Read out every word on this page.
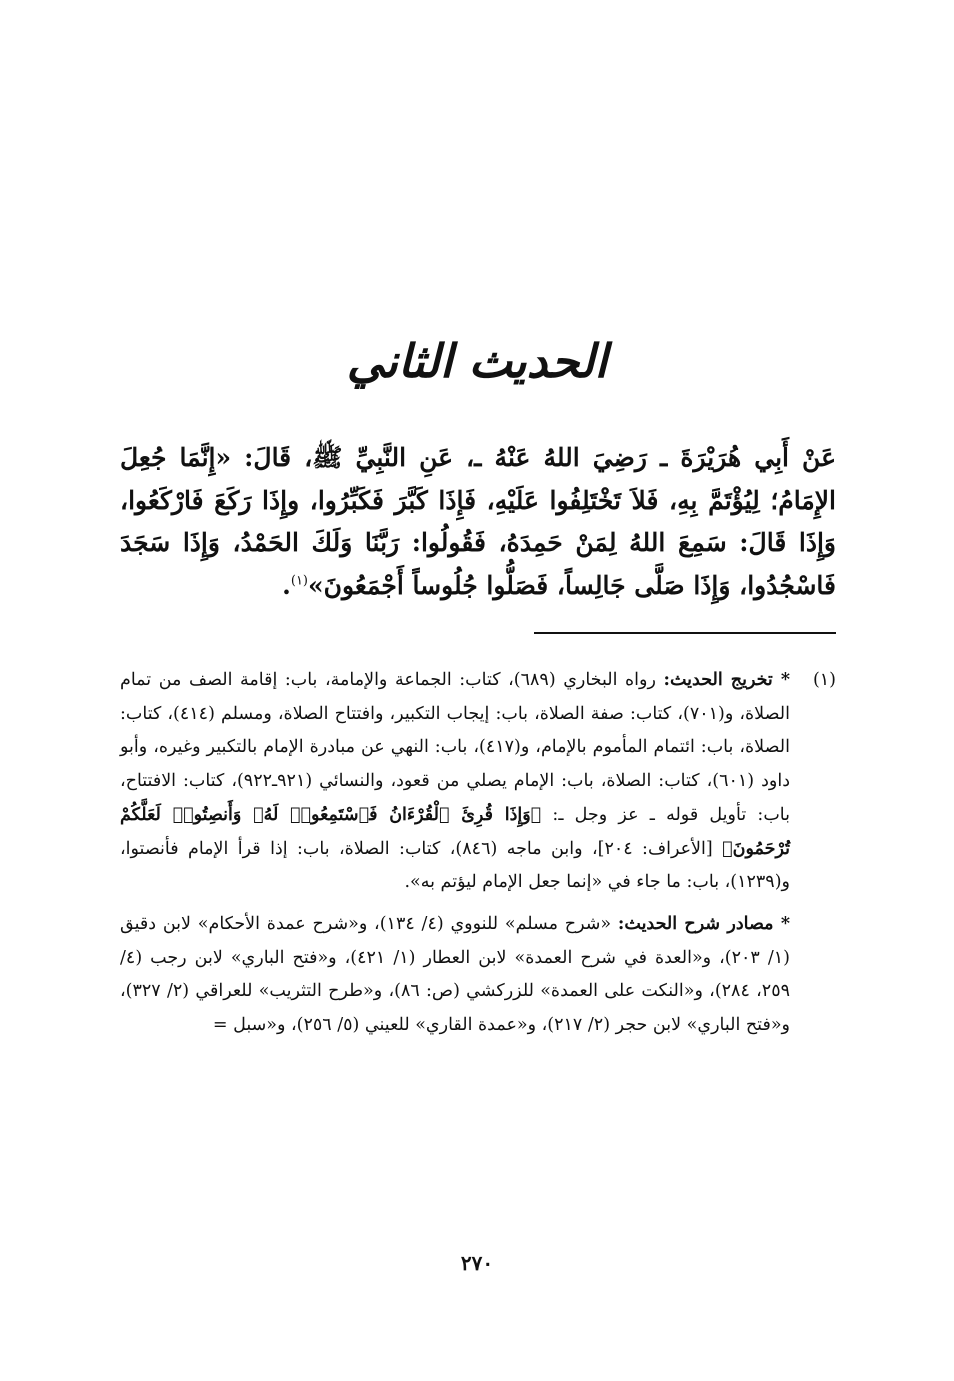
الحديث الثاني

عَنْ أَبِي هُرَيْرَةَ ـ رَضِيَ اللهُ عَنْهُ ـ، عَنِ النَّبِيِّ ﷺ، قَالَ: «إِنَّمَا جُعِلَ الإِمَامُ؛ لِيُؤْتَمَّ بِهِ، فَلاَ تَخْتَلِفُوا عَلَيْهِ، فَإِذَا كَبَّرَ فَكَبِّرُوا، وإِذَا رَكَعَ فَارْكَعُوا، وَإِذَا قَالَ: سَمِعَ اللهُ لِمَنْ حَمِدَهُ، فَقُولُوا: رَبَّنَا وَلَكَ الحَمْدُ، وَإِذَا سَجَدَ فَاسْجُدُوا، وَإِذَا صَلَّى جَالِساً، فَصَلُّوا جُلُوساً أَجْمَعُونَ»$^{(١)}$.

(١)

* تخريج الحديث: رواه البخاري (٦٨٩)، كتاب: الجماعة والإمامة، باب: إقامة الصف من تمام الصلاة، و(٧٠١)، كتاب: صفة الصلاة، باب: إيجاب التكبير، وافتتاح الصلاة، ومسلم (٤١٤)، كتاب: الصلاة، باب: ائتمام المأموم بالإمام، و(٤١٧)، باب: النهي عن مبادرة الإمام بالتكبير وغيره، وأبو داود (٦٠١)، كتاب: الصلاة، باب: الإمام يصلي من قعود، والنسائي (٩٢١ـ٩٢٢)، كتاب: الافتتاح، باب: تأويل قوله ـ عز وجل ـ: ﴿وَإِذَا قُرِئَ ٱلْقُرْءَانُ فَٱسْتَمِعُوا۟ لَهُۥ وَأَنصِتُوا۟ لَعَلَّكُمْ تُرْحَمُونَ﴾ [الأعراف: ٢٠٤]، وابن ماجه (٨٤٦)، كتاب: الصلاة، باب: إذا قرأ الإمام فأنصتوا، و(١٢٣٩)، باب: ما جاء في «إنما جعل الإمام ليؤتم به».

* مصادر شرح الحديث: «شرح مسلم» للنووي (٤/ ١٣٤)، و«شرح عمدة الأحكام» لابن دقيق (١/ ٢٠٣)، و«العدة في شرح العمدة» لابن العطار (١/ ٤٢١)، و«فتح الباري» لابن رجب (٤/ ٢٥٩، ٢٨٤)، و«النكت على العمدة» للزركشي (ص: ٨٦)، و«طرح التثريب» للعراقي (٢/ ٣٢٧)، و«فتح الباري» لابن حجر (٢/ ٢١٧)، و«عمدة القاري» للعيني (٥/ ٢٥٦)، و«سبل =

٢٧٠
